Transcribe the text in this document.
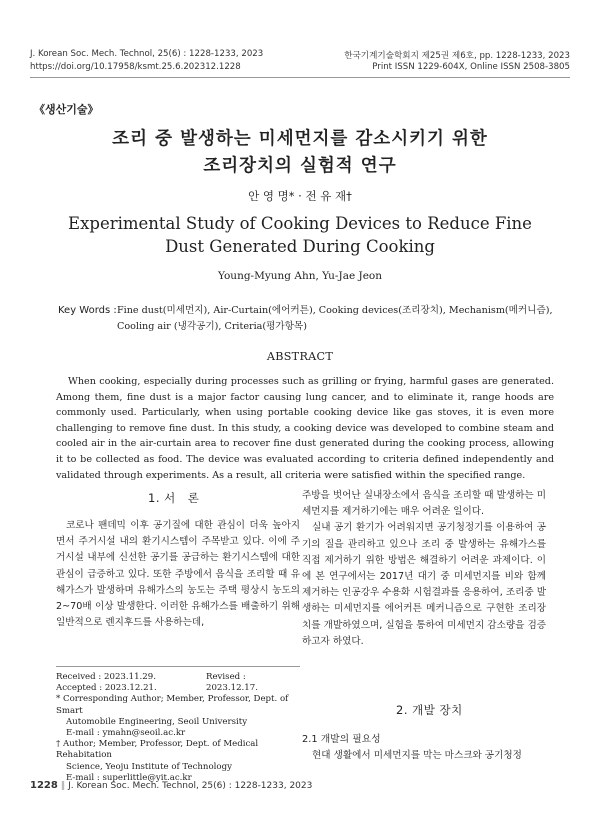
J. Korean Soc. Mech. Technol, 25(6) : 1228-1233, 2023
https://doi.org/10.17958/ksmt.25.6.202312.1228
한국기계기술학회지 제25권 제6호, pp. 1228-1233, 2023
Print ISSN 1229-604X, Online ISSN 2508-3805
《생산기술》
조리 중 발생하는 미세먼지를 감소시키기 위한
조리장치의 실험적 연구
안 영 명* · 전 유 재†
Experimental Study of Cooking Devices to Reduce Fine
Dust Generated During Cooking
Young-Myung Ahn, Yu-Jae Jeon
Key Words : Fine dust(미세먼지), Air-Curtain(에어커튼), Cooking devices(조리장치), Mechanism(메커니즘), Cooling air (냉각공기), Criteria(평가항목)
ABSTRACT
When cooking, especially during processes such as grilling or frying, harmful gases are generated. Among them, fine dust is a major factor causing lung cancer, and to eliminate it, range hoods are commonly used. Particularly, when using portable cooking device like gas stoves, it is even more challenging to remove fine dust. In this study, a cooking device was developed to combine steam and cooled air in the air-curtain area to recover fine dust generated during the cooking process, allowing it to be collected as food. The device was evaluated according to criteria defined independently and validated through experiments. As a result, all criteria were satisfied within the specified range.
1. 서　론

코로나 팬데믹 이후 공기질에 대한 관심이 더욱 높아지면서 주거시설 내의 환기시스템이 주목받고 있다. 이에 주거시설 내부에 신선한 공기를 공급하는 환기시스템에 대한 관심이 급증하고 있다. 또한 주방에서 음식을 조리할 때 유해가스가 발생하며 유해가스의 농도는 주택 평상시 농도의 2~70배 이상 발생한다. 이러한 유해가스를 배출하기 위해 일반적으로 렌지후드를 사용하는데,

주방을 벗어난 실내장소에서 음식을 조리할 때 발생하는 미세먼지를 제거하기에는 매우 어려운 일이다.

실내 공기 환기가 어려워지면 공기청정기를 이용하여 공기의 질을 관리하고 있으나 조리 중 발생하는 유해가스를 직접 제거하기 위한 방법은 해결하기 어려운 과제이다. 이에 본 연구에서는 2017년 대기 중 미세먼지를 비와 함께 제거하는 인공강우 수용화 시험결과를 응용하여, 조리중 발생하는 미세먼지를 에어커튼 메커니즘으로 구현한 조리장치를 개발하였으며, 실험을 통하여 미세먼지 감소량을 검증하고자 하였다.

Received : 2023.11.29.	Revised : 2023.12.17.
Accepted : 2023.12.21.
* Corresponding Author; Member, Professor, Dept. of Smart
Automobile Engineering, Seoil University
E-mail : ymahn@seoil.ac.kr
† Author; Member, Professor, Dept. of Medical Rehabitation
Science, Yeoju Institute of Technology
E-mail : superlittle@yit.ac.kr
2. 개발 장치
2.1 개발의 필요성

현대 생활에서 미세먼지를 막는 마스크와 공기청정

1228 ‖ J. Korean Soc. Mech. Technol, 25(6) : 1228-1233, 2023
